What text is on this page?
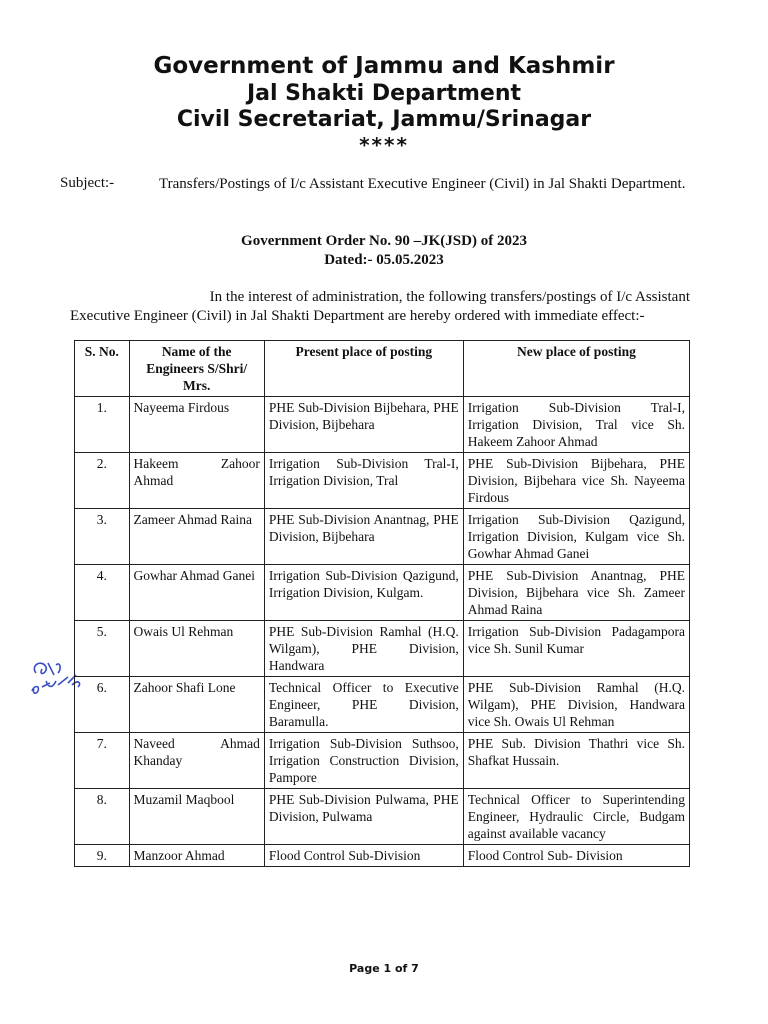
Government of Jammu and Kashmir
Jal Shakti Department
Civil Secretariat, Jammu/Srinagar
****
Subject:-	Transfers/Postings of I/c Assistant Executive Engineer (Civil) in Jal Shakti Department.
Government Order No. 90 –JK(JSD) of 2023
Dated:- 05.05.2023
In the interest of administration, the following transfers/postings of I/c Assistant
Executive Engineer (Civil) in Jal Shakti Department are hereby ordered with immediate effect:-
S. No.	Name of the Engineers S/Shri/ Mrs.	Present place of posting	New place of posting
1.	Nayeema Firdous	PHE Sub-Division Bijbehara, PHE Division, Bijbehara	Irrigation Sub-Division Tral-I, Irrigation Division, Tral vice Sh. Hakeem Zahoor Ahmad
2.	Hakeem Zahoor Ahmad	Irrigation Sub-Division Tral-I, Irrigation Division, Tral	PHE Sub-Division Bijbehara, PHE Division, Bijbehara vice Sh. Nayeema Firdous
3.	Zameer Ahmad Raina	PHE Sub-Division Anantnag, PHE Division, Bijbehara	Irrigation Sub-Division Qazigund, Irrigation Division, Kulgam vice Sh. Gowhar Ahmad Ganei
4.	Gowhar Ahmad Ganei	Irrigation Sub-Division Qazigund, Irrigation Division, Kulgam.	PHE Sub-Division Anantnag, PHE Division, Bijbehara vice Sh. Zameer Ahmad Raina
5.	Owais Ul Rehman	PHE Sub-Division Ramhal (H.Q. Wilgam), PHE Division, Handwara	Irrigation Sub-Division Padagampora vice Sh. Sunil Kumar
6.	Zahoor Shafi Lone	Technical Officer to Executive Engineer, PHE Division, Baramulla.	PHE Sub-Division Ramhal (H.Q. Wilgam), PHE Division, Handwara vice Sh. Owais Ul Rehman
7.	Naveed Ahmad Khanday	Irrigation Sub-Division Suthsoo, Irrigation Construction Division, Pampore	PHE Sub. Division Thathri vice Sh. Shafkat Hussain.
8.	Muzamil Maqbool	PHE Sub-Division Pulwama, PHE Division, Pulwama	Technical Officer to Superintending Engineer, Hydraulic Circle, Budgam against available vacancy
9.	Manzoor Ahmad	Flood Control Sub-Division	Flood Control Sub- Division
Page 1 of 7
